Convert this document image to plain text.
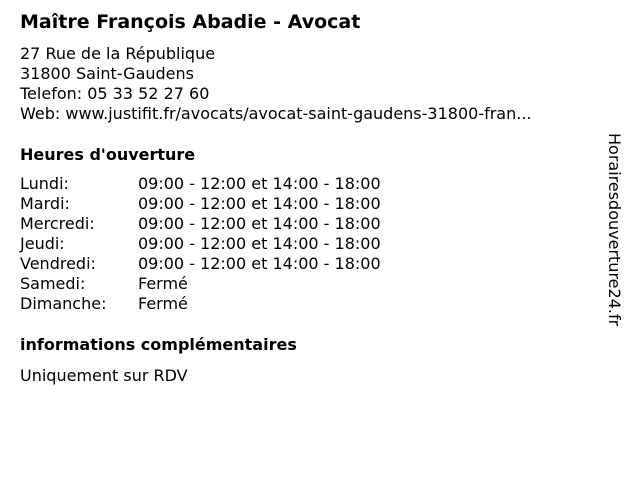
Maître François Abadie - Avocat
27 Rue de la République
31800 Saint-Gaudens
Telefon: 05 33 52 27 60
Web: www.justifit.fr/avocats/avocat-saint-gaudens-31800-fran...
Heures d'ouverture
Lundi:	09:00 - 12:00 et 14:00 - 18:00
Mardi:	09:00 - 12:00 et 14:00 - 18:00
Mercredi:	09:00 - 12:00 et 14:00 - 18:00
Jeudi:	09:00 - 12:00 et 14:00 - 18:00
Vendredi:	09:00 - 12:00 et 14:00 - 18:00
Samedi:	Fermé
Dimanche: Fermé
informations complémentaires
Uniquement sur RDV
Horairesdouverture24.fr
